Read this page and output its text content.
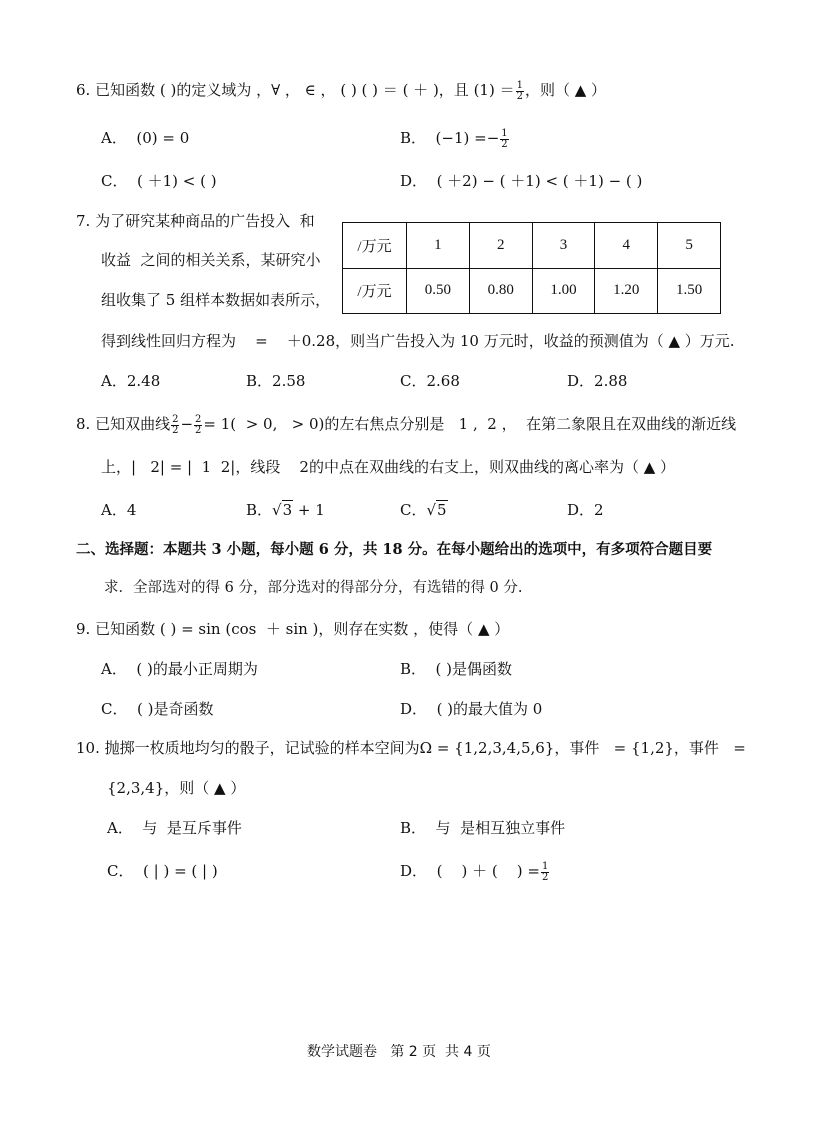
6. 已知函数 ( )的定义域为 ，∀ ， ∈ ， ( ) ( ) ＝ ( ＋ )，且 $(1) = \frac{1}{2}$ ，则（ ▲ ）
A．  (0) = 0	B．  $(-1) =- \frac{1}{2}$
C．  ( ＋1) < ( )	D．  ( ＋2) − ( ＋1) < ( ＋1) − ( )
7. 为了研究某种商品的广告投入  和
收益  之间的相关关系，某研究小
组收集了 5 组样本数据如表所示，
/万元	1	2	3	4	5
/万元	0.50	0.80	1.00	1.20	1.50
得到线性回归方程为    =    ＋0.28，则当广告投入为 10 万元时，收益的预测值为（ ▲ ）万元.
A．2.48	B．2.58	C．2.68	D．2.88
8. 已知双曲线 $\frac{2}{2} - \frac{2}{2} = 1( > 0$,   > 0)的左右焦点分别是   1 ,  2 ，  在第二象限且在双曲线的渐近线
上，|   2| = |  1  2|，线段    2的中点在双曲线的右支上，则双曲线的离心率为（ ▲ ）
A．4	B．√3 + 1	C．√5	D．2
二、选择题：本题共 3 小题，每小题 6 分，共 18 分。在每小题给出的选项中，有多项符合题目要
求．全部选对的得 6 分，部分选对的得部分分，有选错的得 0 分.
9. 已知函数 ( ) = sin (cos  ＋ sin )，则存在实数 ，使得（ ▲ ）
A．  ( )的最小正周期为	B．  ( )是偶函数
C．  ( )是奇函数	D．  ( )的最大值为 0
10. 抛掷一枚质地均匀的骰子，记试验的样本空间为Ω = {1,2,3,4,5,6}，事件   = {1,2}，事件   =
{2,3,4}，则（ ▲ ）
A．  与  是互斥事件	B．  与  是相互独立事件
C．  ( | ) = ( | )	D．  (    ) ＋ (    ) = $\frac{1}{2}$
数学试题卷   第 2 页  共 4 页
